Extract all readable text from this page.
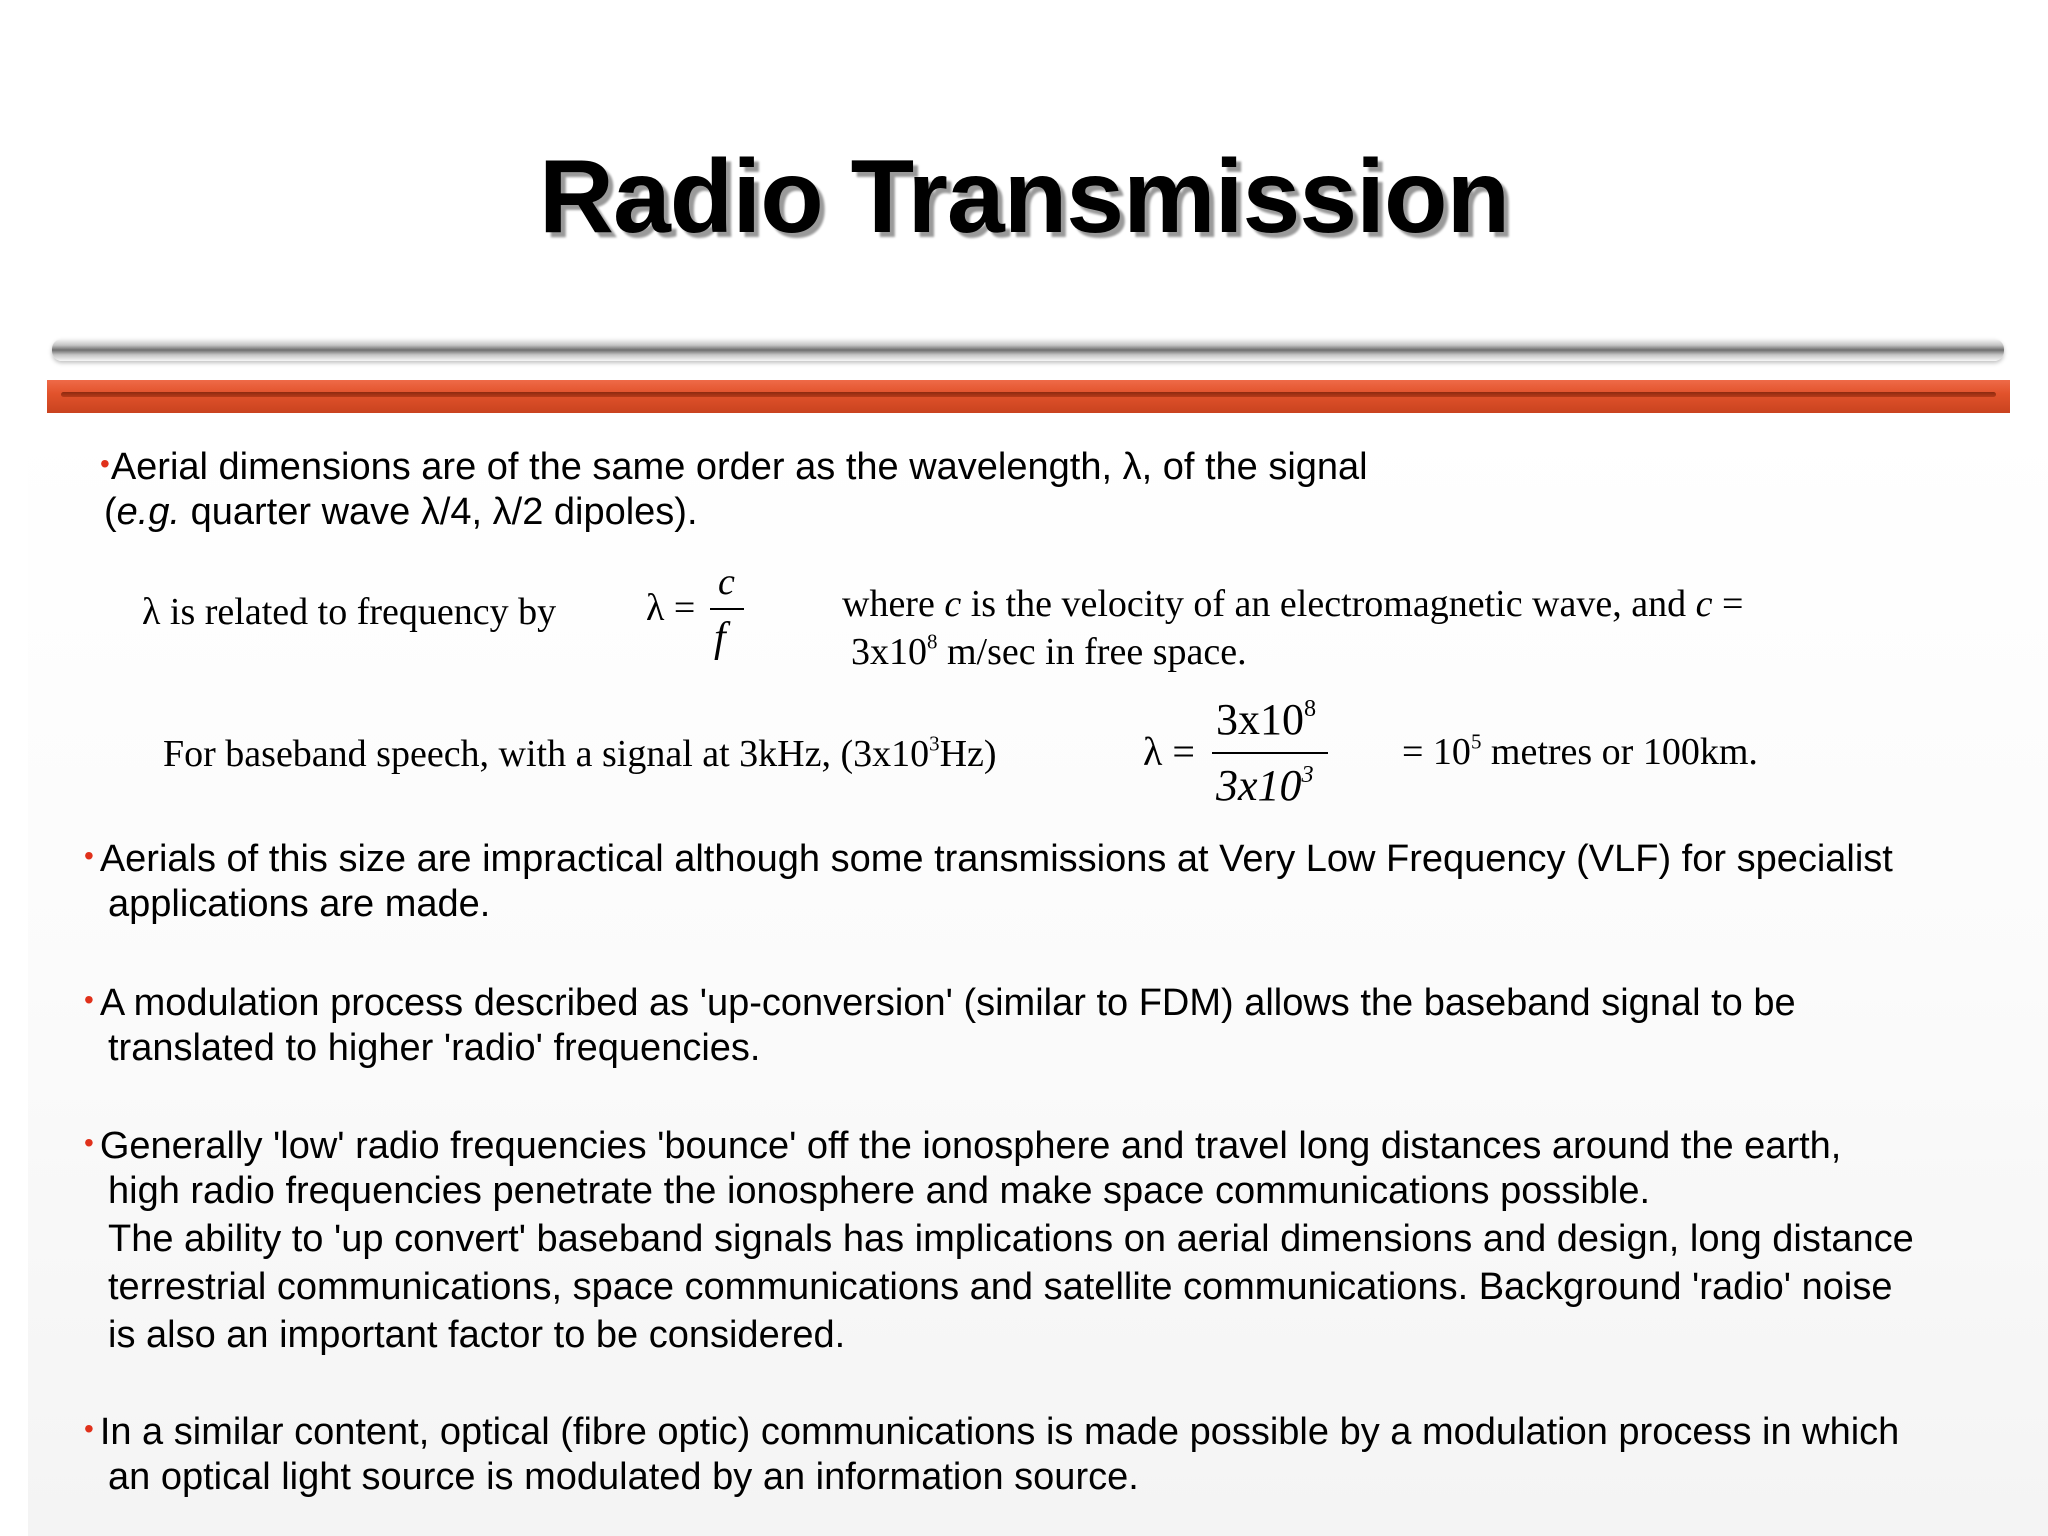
Radio Transmission
•Aerial dimensions are of the same order as the wavelength, λ, of the signal
(e.g. quarter wave λ/4, λ/2 dipoles).
λ is related to frequency by λ =
c
f
where c is the velocity of an electromagnetic wave, and c =
$3x10^8$ m/sec in free space.
For baseband speech, with a signal at 3kHz, $(3x10^3Hz)$	λ =
$3x10^8$
$3x10^3$
= $10^5$ metres or 100km.
• Aerials of this size are impractical although some transmissions at Very Low Frequency (VLF) for specialist
applications are made.
• A modulation process described as 'up-conversion' (similar to FDM) allows the baseband signal to be
translated to higher 'radio' frequencies.
• Generally 'low' radio frequencies 'bounce' off the ionosphere and travel long distances around the earth,
high radio frequencies penetrate the ionosphere and make space communications possible.
The ability to 'up convert' baseband signals has implications on aerial dimensions and design, long distance
terrestrial communications, space communications and satellite communications. Background 'radio' noise
is also an important factor to be considered.
• In a similar content, optical (fibre optic) communications is made possible by a modulation process in which
an optical light source is modulated by an information source.
